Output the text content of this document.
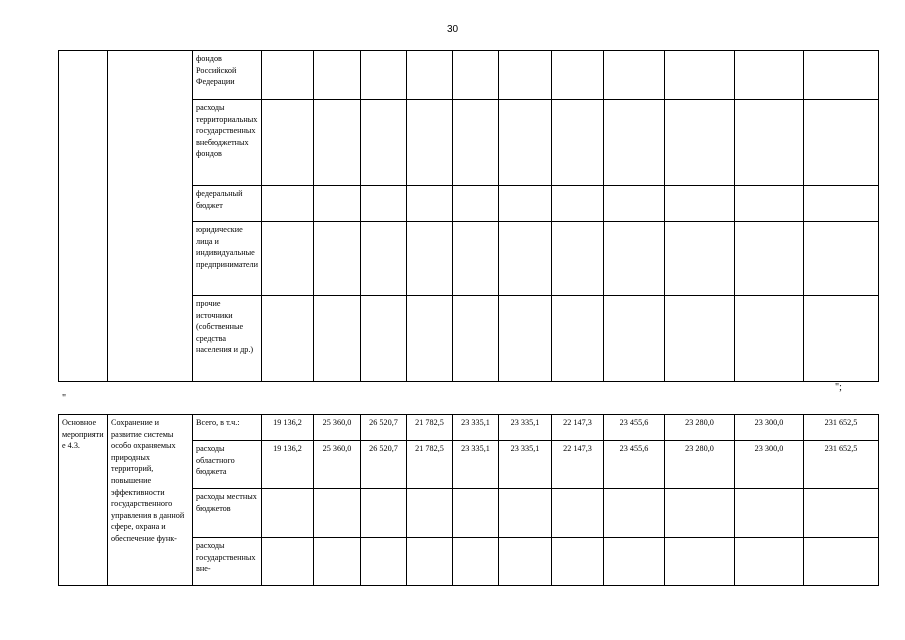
30
		фондов Российской Федерации											
		расходы территориальных государственных внебюджетных фондов											
		федеральный бюджет											
		юридические лица и индивидуальные предприниматели											
		прочие источники (собственные средства населения и др.)											
"
";
Основное мероприятие 4.3.	Сохранение и развитие системы особо охраняемых природных территорий, повышение эффективности государственного управления в данной сфере, охрана и обеспечение функ-	Всего, в т.ч.:	19 136,2	25 360,0	26 520,7	21 782,5	23 335,1	23 335,1	22 147,3	23 455,6	23 280,0	23 300,0	231 652,5
		расходы областного бюджета	19 136,2	25 360,0	26 520,7	21 782,5	23 335,1	23 335,1	22 147,3	23 455,6	23 280,0	23 300,0	231 652,5
		расходы местных бюджетов											
		расходы государственных вне-											
